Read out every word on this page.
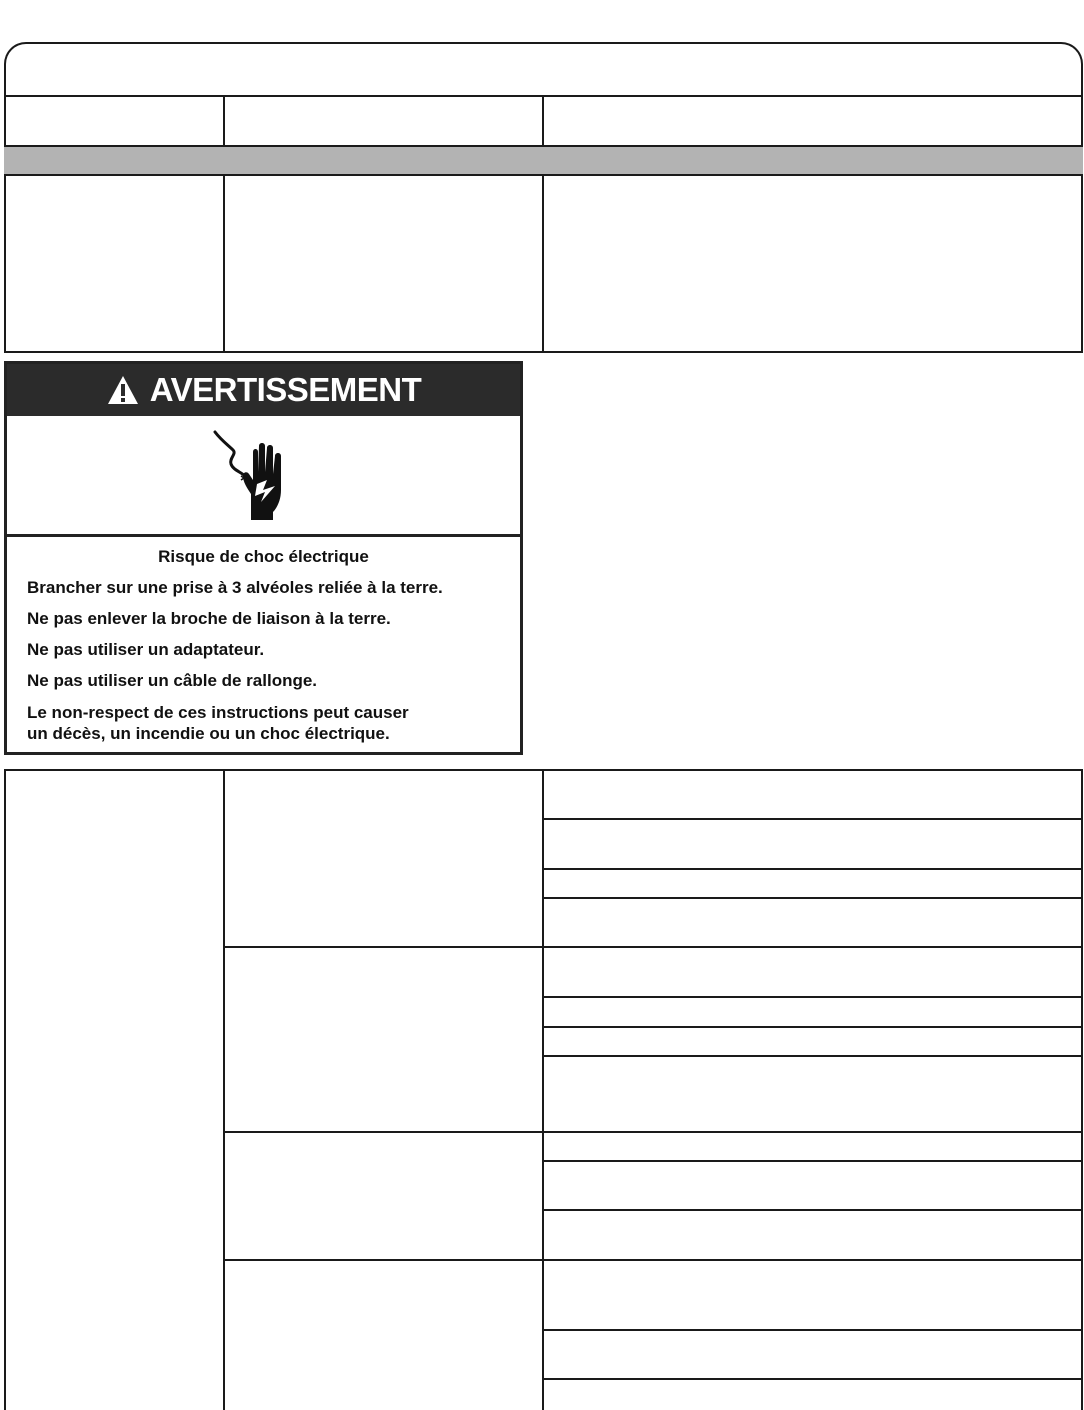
AVERTISSEMENT
Risque de choc électrique
Brancher sur une prise à 3 alvéoles reliée à la terre.
Ne pas enlever la broche de liaison à la terre.
Ne pas utiliser un adaptateur.
Ne pas utiliser un câble de rallonge.
Le non-respect de ces instructions peut causer
un décès, un incendie ou un choc électrique.
